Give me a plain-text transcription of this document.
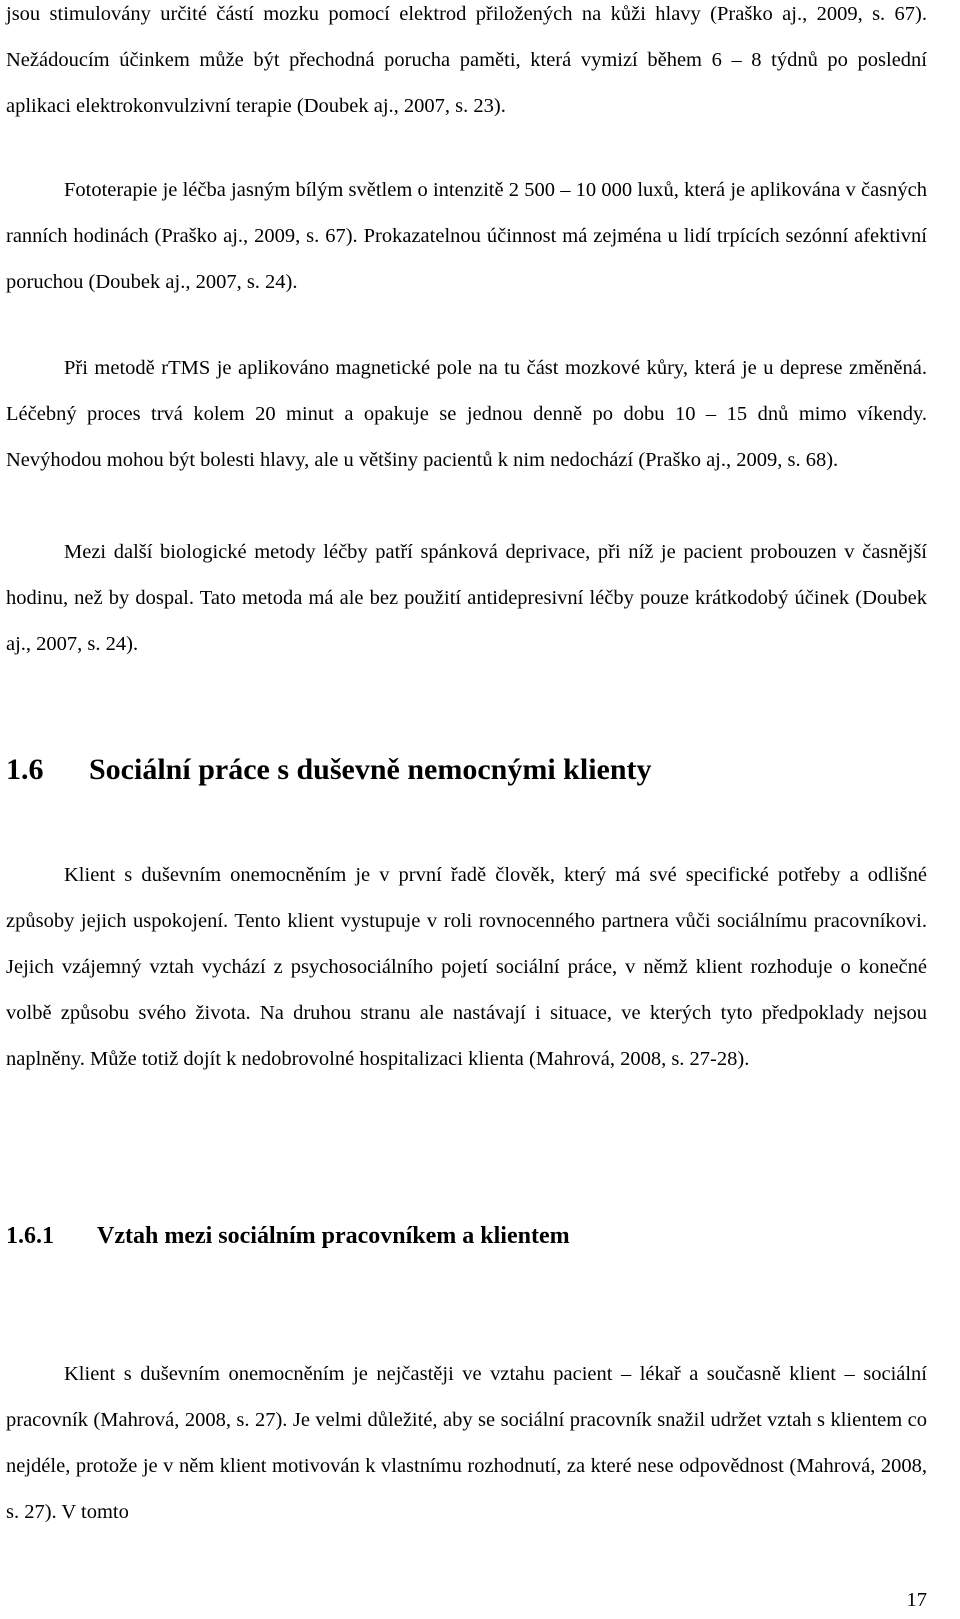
jsou stimulovány určité částí mozku pomocí elektrod přiložených na kůži hlavy (Praško aj., 2009, s. 67). Nežádoucím účinkem může být přechodná porucha paměti, která vymizí během 6 – 8 týdnů po poslední aplikaci elektrokonvulzivní terapie (Doubek aj., 2007, s. 23).

Fototerapie je léčba jasným bílým světlem o intenzitě 2 500 – 10 000 luxů, která je aplikována v časných ranních hodinách (Praško aj., 2009, s. 67). Prokazatelnou účinnost má zejména u lidí trpících sezónní afektivní poruchou (Doubek aj., 2007, s. 24).

Při metodě rTMS je aplikováno magnetické pole na tu část mozkové kůry, která je u deprese změněná. Léčebný proces trvá kolem 20 minut a opakuje se jednou denně po dobu 10 – 15 dnů mimo víkendy. Nevýhodou mohou být bolesti hlavy, ale u většiny pacientů k nim nedochází (Praško aj., 2009, s. 68).

Mezi další biologické metody léčby patří spánková deprivace, při níž je pacient probouzen v časnější hodinu, než by dospal. Tato metoda má ale bez použití antidepresivní léčby pouze krátkodobý účinek (Doubek aj., 2007, s. 24).

1.6 Sociální práce s duševně nemocnými klienty

Klient s duševním onemocněním je v první řadě člověk, který má své specifické potřeby a odlišné způsoby jejich uspokojení. Tento klient vystupuje v roli rovnocenného partnera vůči sociálnímu pracovníkovi. Jejich vzájemný vztah vychází z psychosociálního pojetí sociální práce, v němž klient rozhoduje o konečné volbě způsobu svého života. Na druhou stranu ale nastávají i situace, ve kterých tyto předpoklady nejsou naplněny. Může totiž dojít k nedobrovolné hospitalizaci klienta (Mahrová, 2008, s. 27-28).

1.6.1 Vztah mezi sociálním pracovníkem a klientem

Klient s duševním onemocněním je nejčastěji ve vztahu pacient – lékař a současně klient – sociální pracovník (Mahrová, 2008, s. 27). Je velmi důležité, aby se sociální pracovník snažil udržet vztah s klientem co nejdéle, protože je v něm klient motivován k vlastnímu rozhodnutí, za které nese odpovědnost (Mahrová, 2008, s. 27). V tomto

17
